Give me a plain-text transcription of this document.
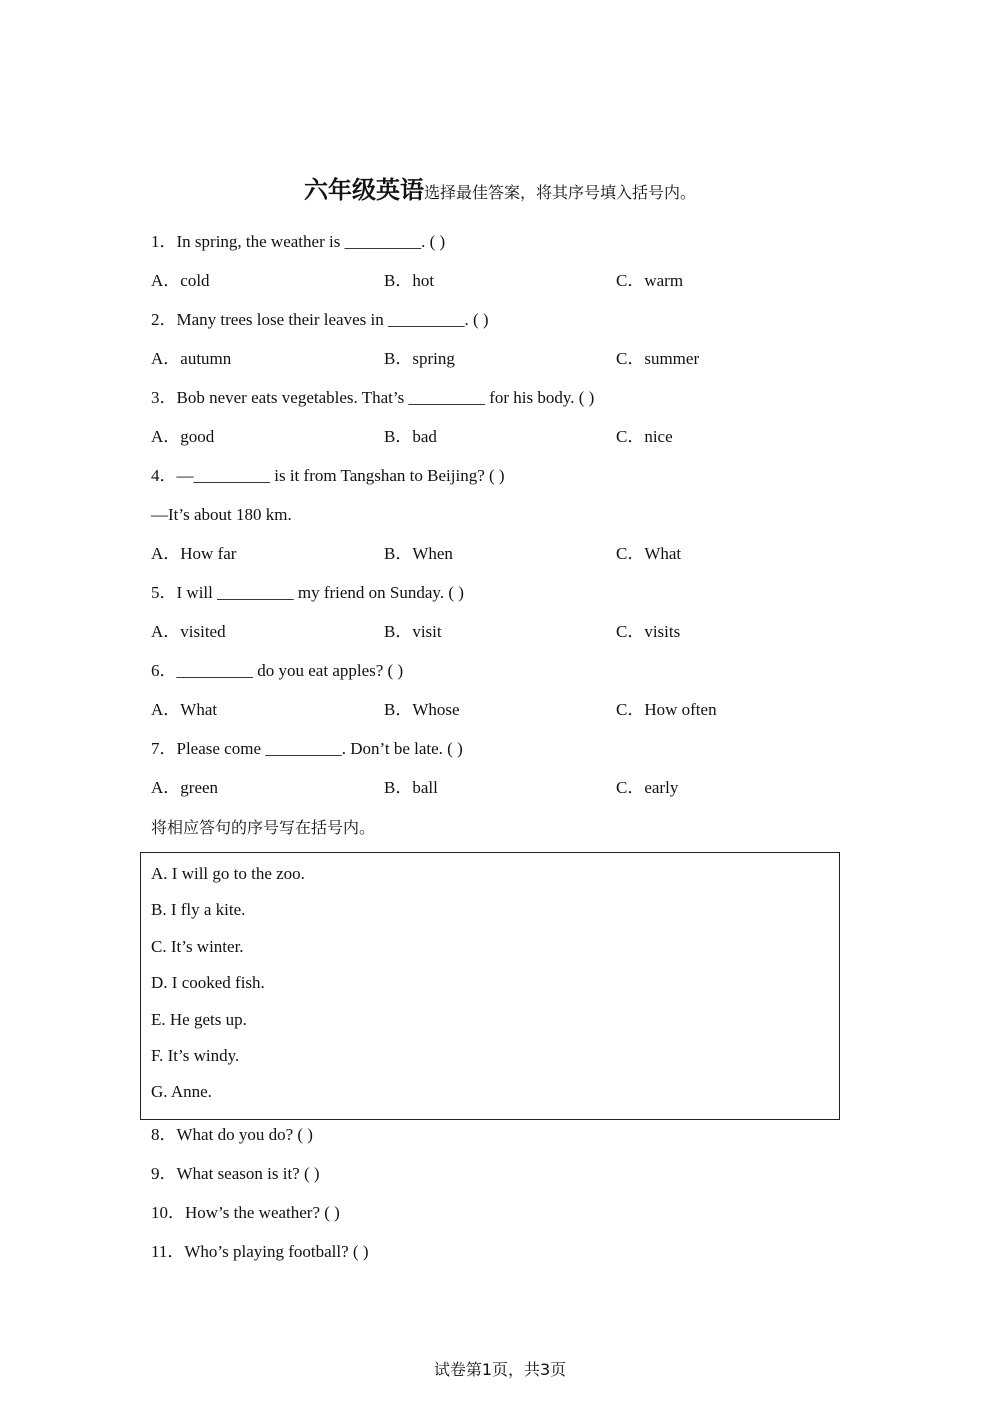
六年级英语选择最佳答案，将其序号填入括号内。
1．In spring, the weather is _________. ( )
A．cold	B．hot	C．warm
2．Many trees lose their leaves in _________. ( )
A．autumn	B．spring	C．summer
3．Bob never eats vegetables. That’s _________ for his body. ( )
A．good	B．bad	C．nice
4．—_________ is it from Tangshan to Beijing? ( )
—It’s about 180 km.
A．How far	B．When	C．What
5．I will _________ my friend on Sunday. ( )
A．visited	B．visit	C．visits
6．_________ do you eat apples? ( )
A．What	B．Whose	C．How often
7．Please come _________. Don’t be late. ( )
A．green	B．ball	C．early
将相应答句的序号写在括号内。
A. I will go to the zoo.
B. I fly a kite.
C. It’s winter.
D. I cooked fish.
E. He gets up.
F. It’s windy.
G. Anne.
8．What do you do? ( )
9．What season is it? ( )
10．How’s the weather? ( )
11．Who’s playing football? ( )
试卷第1页，共3页
